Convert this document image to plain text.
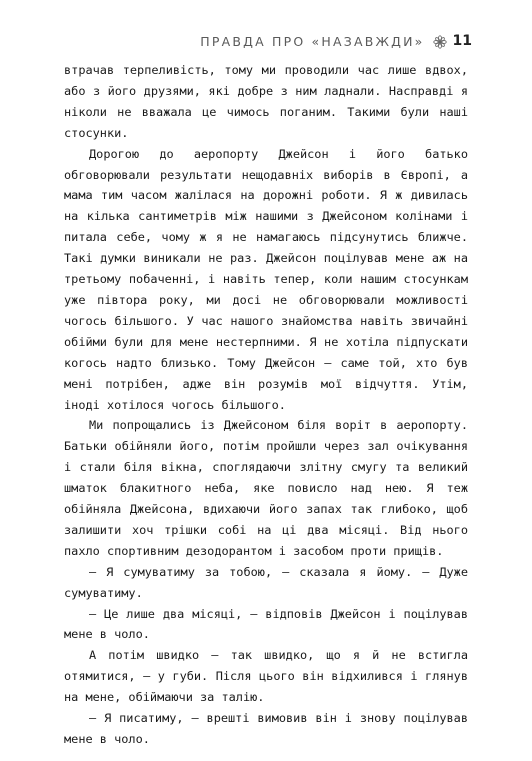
ПРАВДА ПРО «НАЗАВЖДИ» 11

втрачав терпеливість, тому ми проводили час лише вдвох, або з його друзями, які добре з ним ладнали. Насправді я ніколи не вважала це чимось поганим. Такими були наші стосунки.

Дорогою до аеропорту Джейсон і його батько обговорювали результати нещодавніх виборів в Європі, а мама тим часом жалілася на дорожні роботи. Я ж дивилась на кілька сантиметрів між нашими з Джейсоном колінами і питала себе, чому ж я не намагаюсь підсунутись ближче. Такі думки виникали не раз. Джейсон поцілував мене аж на третьому побаченні, і навіть тепер, коли нашим стосункам уже півтора року, ми досі не обговорювали можливості чогось більшого. У час нашого знайомства навіть звичайні обійми були для мене нестерпними. Я не хотіла підпускати когось надто близько. Тому Джейсон — саме той, хто був мені потрібен, адже він розумів мої відчуття. Утім, іноді хотілося чогось більшого.

Ми попрощались із Джейсоном біля воріт в аеропорту. Батьки обійняли його, потім пройшли через зал очікування і стали біля вікна, споглядаючи злітну смугу та великий шматок блакитного неба, яке повисло над нею. Я теж обійняла Джейсона, вдихаючи його запах так глибоко, щоб залишити хоч трішки собі на ці два місяці. Від нього пахло спортивним дезодорантом і засобом проти прищів.

— Я сумуватиму за тобою, — сказала я йому. — Дуже сумуватиму.

— Це лише два місяці, — відповів Джейсон і поцілував мене в чоло.

А потім швидко — так швидко, що я й не встигла отямитися, — у губи. Після цього він відхилився і глянув на мене, обіймаючи за талію.

— Я писатиму, — врешті вимовив він і знову поцілував мене в чоло.
